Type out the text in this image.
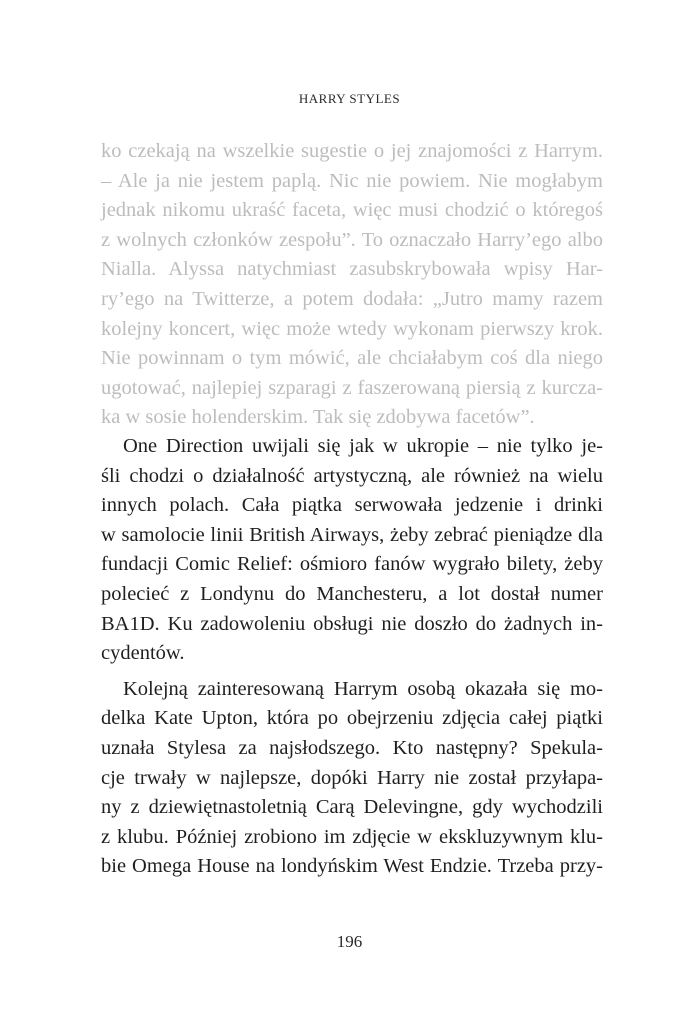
HARRY STYLES
ko czekają na wszelkie sugestie o jej znajomości z Harrym.
– Ale ja nie jestem paplą. Nic nie powiem. Nie mogłabym
jednak nikomu ukraść faceta, więc musi chodzić o któregoś
z wolnych członków zespołu”. To oznaczało Harry’ego albo
Nialla. Alyssa natychmiast zasubskrybowała wpisy Har-
ry’ego na Twitterze, a potem dodała: „Jutro mamy razem
kolejny koncert, więc może wtedy wykonam pierwszy krok.
Nie powinnam o tym mówić, ale chciałabym coś dla niego
ugotować, najlepiej szparagi z faszerowaną piersią z kurcza-
ka w sosie holenderskim. Tak się zdobywa facetów”.
One Direction uwijali się jak w ukropie – nie tylko je-
śli chodzi o działalność artystyczną, ale również na wielu
innych polach. Cała piątka serwowała jedzenie i drinki
w samolocie linii British Airways, żeby zebrać pieniądze dla
fundacji Comic Relief: ośmioro fanów wygrało bilety, żeby
polecieć z Londynu do Manchesteru, a lot dostał numer
BA1D. Ku zadowoleniu obsługi nie doszło do żadnych in-
cydentów.
Kolejną zainteresowaną Harrym osobą okazała się mo-
delka Kate Upton, która po obejrzeniu zdjęcia całej piątki
uznała Stylesa za najsłodszego. Kto następny? Spekula-
cje trwały w najlepsze, dopóki Harry nie został przyłapa-
ny z dziewiętnastoletnią Carą Delevingne, gdy wychodzili
z klubu. Później zrobiono im zdjęcie w ekskluzywnym klu-
bie Omega House na londyńskim West Endzie. Trzeba przy-
196
